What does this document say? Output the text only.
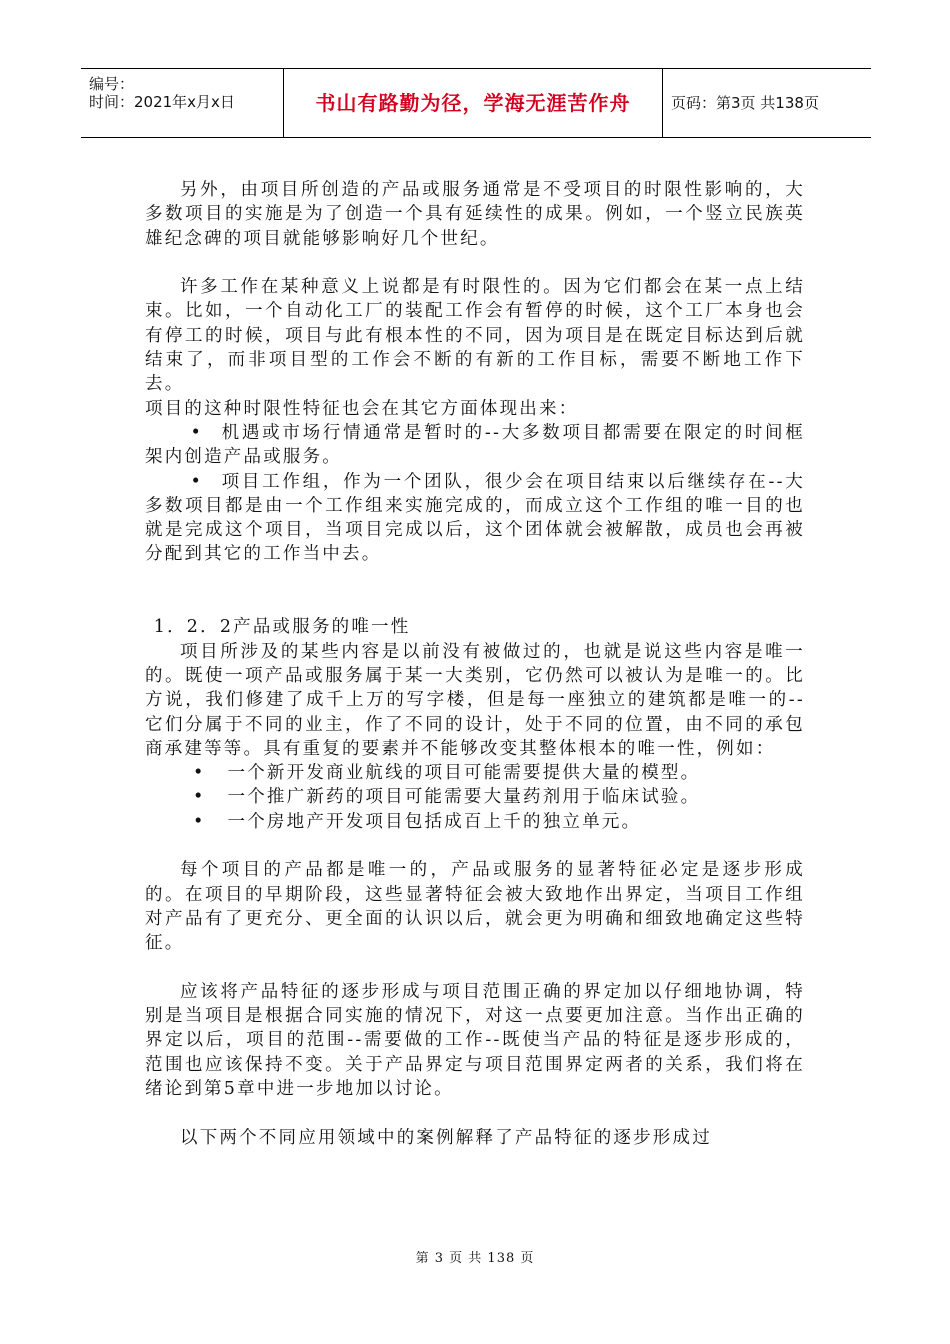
编号：
时间：2021年x月x日	书山有路勤为径，学海无涯苦作舟	页码：第3页 共138页

另外，由项目所创造的产品或服务通常是不受项目的时限性影响的，大多数项目的实施是为了创造一个具有延续性的成果。例如，一个竖立民族英雄纪念碑的项目就能够影响好几个世纪。

许多工作在某种意义上说都是有时限性的。因为它们都会在某一点上结束。比如，一个自动化工厂的装配工作会有暂停的时候，这个工厂本身也会有停工的时候，项目与此有根本性的不同，因为项目是在既定目标达到后就结束了，而非项目型的工作会不断的有新的工作目标，需要不断地工作下去。

项目的这种时限性特征也会在其它方面体现出来：

• 机遇或市场行情通常是暂时的--大多数项目都需要在限定的时间框架内创造产品或服务。

• 项目工作组，作为一个团队，很少会在项目结束以后继续存在--大多数项目都是由一个工作组来实施完成的，而成立这个工作组的唯一目的也就是完成这个项目，当项目完成以后，这个团体就会被解散，成员也会再被分配到其它的工作当中去。

1．2．2产品或服务的唯一性

项目所涉及的某些内容是以前没有被做过的，也就是说这些内容是唯一的。既使一项产品或服务属于某一大类别，它仍然可以被认为是唯一的。比方说，我们修建了成千上万的写字楼，但是每一座独立的建筑都是唯一的--它们分属于不同的业主，作了不同的设计，处于不同的位置，由不同的承包商承建等等。具有重复的要素并不能够改变其整体根本的唯一性，例如：

• 一个新开发商业航线的项目可能需要提供大量的模型。

• 一个推广新药的项目可能需要大量药剂用于临床试验。

• 一个房地产开发项目包括成百上千的独立单元。

每个项目的产品都是唯一的，产品或服务的显著特征必定是逐步形成的。在项目的早期阶段，这些显著特征会被大致地作出界定，当项目工作组对产品有了更充分、更全面的认识以后，就会更为明确和细致地确定这些特征。

应该将产品特征的逐步形成与项目范围正确的界定加以仔细地协调，特别是当项目是根据合同实施的情况下，对这一点要更加注意。当作出正确的界定以后，项目的范围--需要做的工作--既使当产品的特征是逐步形成的，范围也应该保持不变。关于产品界定与项目范围界定两者的关系，我们将在绪论到第5章中进一步地加以讨论。

以下两个不同应用领域中的案例解释了产品特征的逐步形成过

第 3 页 共 138 页
